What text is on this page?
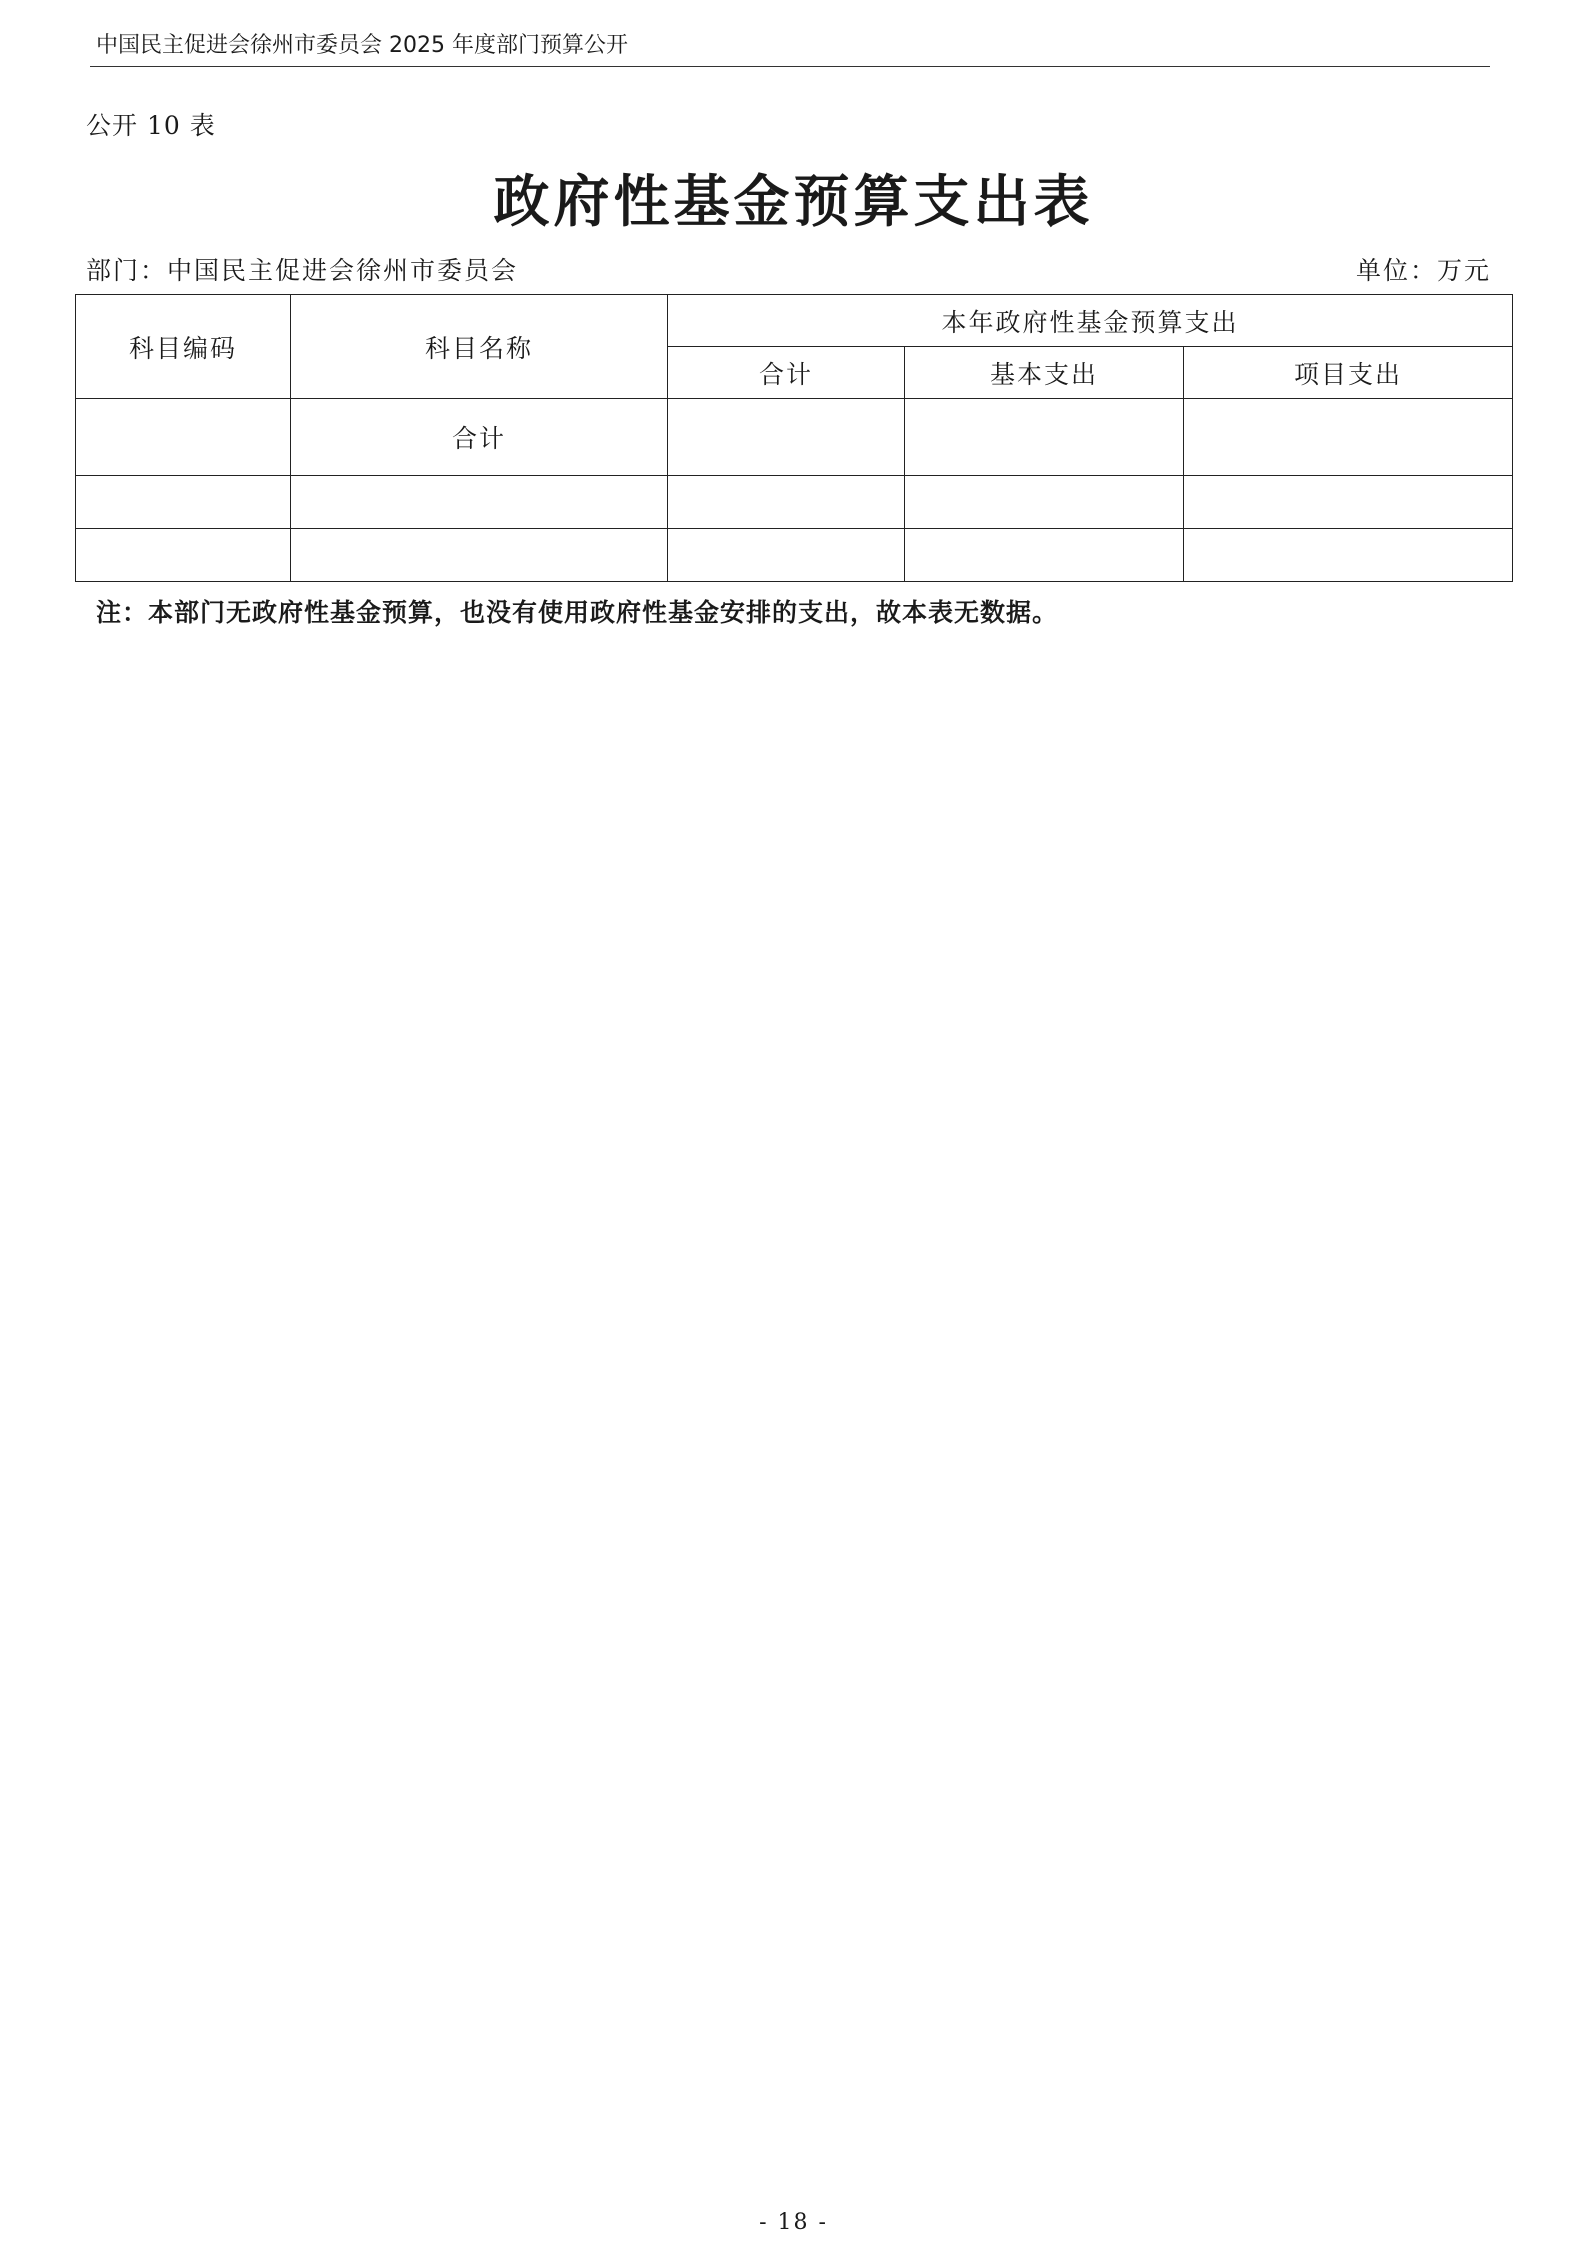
中国民主促进会徐州市委员会 2025 年度部门预算公开
公开 10 表
政府性基金预算支出表
部门：中国民主促进会徐州市委员会	单位：万元
科目编码	科目名称	本年政府性基金预算支出		
		合计	基本支出	项目支出
	合计			

注：本部门无政府性基金预算，也没有使用政府性基金安排的支出，故本表无数据。
- 18 -
